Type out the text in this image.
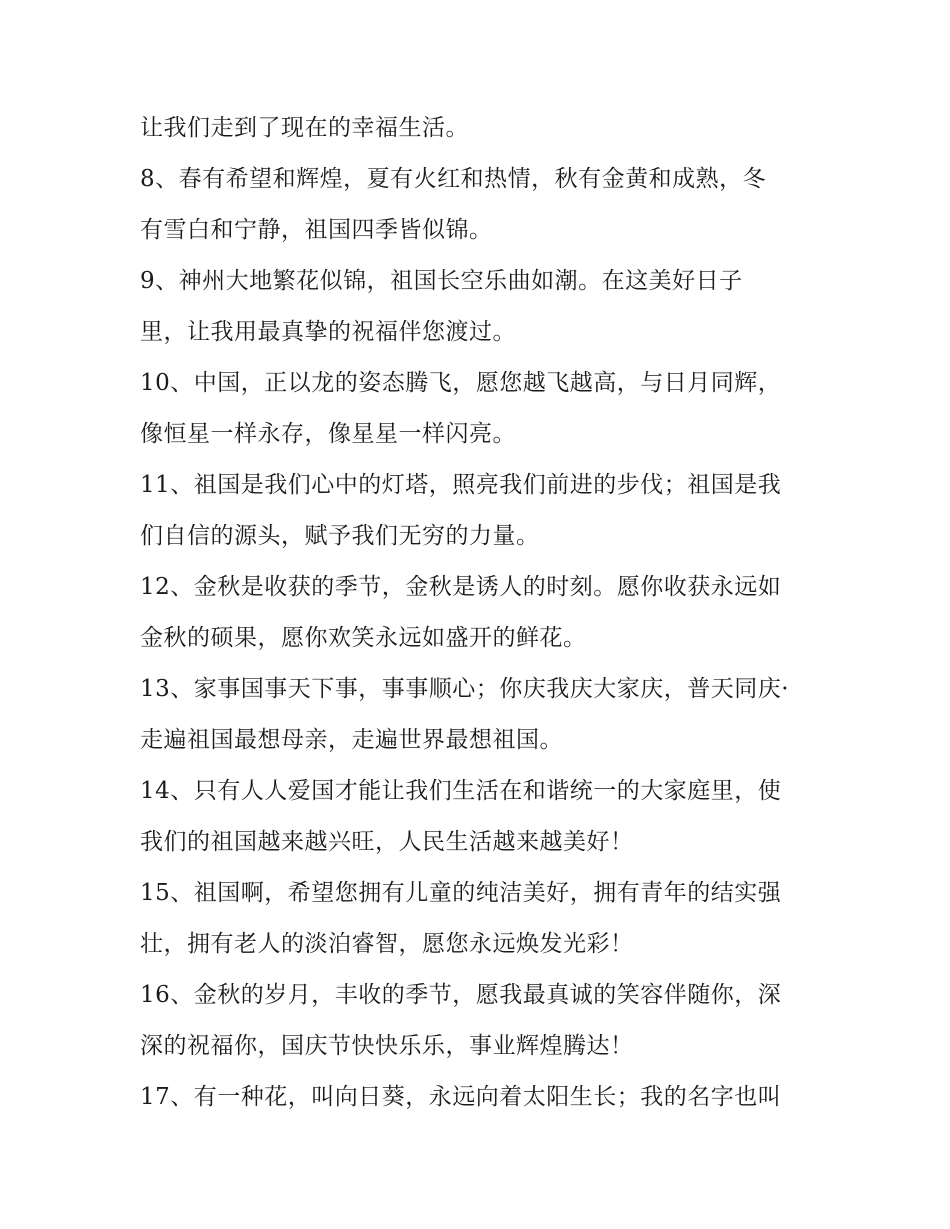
让我们走到了现在的幸福生活。
8、春有希望和辉煌，夏有火红和热情，秋有金黄和成熟，冬
有雪白和宁静，祖国四季皆似锦。
9、神州大地繁花似锦，祖国长空乐曲如潮。在这美好日子
里，让我用最真挚的祝福伴您渡过。
10、中国，正以龙的姿态腾飞，愿您越飞越高，与日月同辉，
像恒星一样永存，像星星一样闪亮。
11、祖国是我们心中的灯塔，照亮我们前进的步伐；祖国是我
们自信的源头，赋予我们无穷的力量。
12、金秋是收获的季节，金秋是诱人的时刻。愿你收获永远如
金秋的硕果，愿你欢笑永远如盛开的鲜花。
13、家事国事天下事，事事顺心；你庆我庆大家庆，普天同庆·
走遍祖国最想母亲，走遍世界最想祖国。
14、只有人人爱国才能让我们生活在和谐统一的大家庭里，使
我们的祖国越来越兴旺，人民生活越来越美好！
15、祖国啊，希望您拥有儿童的纯洁美好，拥有青年的结实强
壮，拥有老人的淡泊睿智，愿您永远焕发光彩！
16、金秋的岁月，丰收的季节，愿我最真诚的笑容伴随你，深
深的祝福你，国庆节快快乐乐，事业辉煌腾达！
17、有一种花，叫向日葵，永远向着太阳生长；我的名字也叫
